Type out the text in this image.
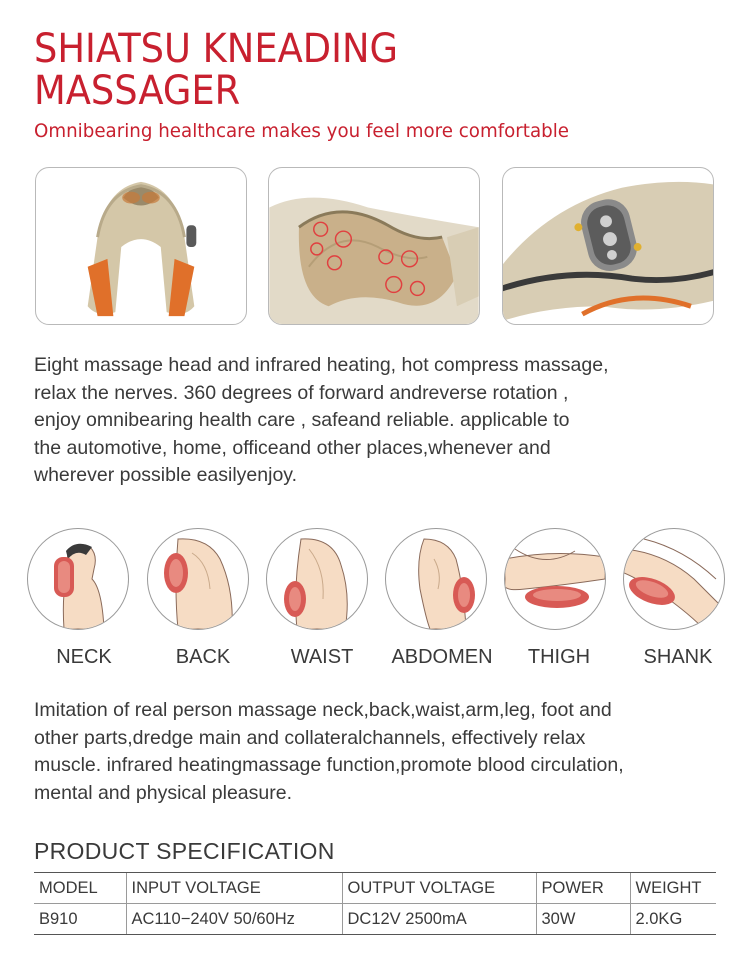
SHIATSU KNEADING
MASSAGER
Omnibearing healthcare makes you feel more comfortable
Eight massage head and infrared heating, hot compress massage,
relax the nerves. 360 degrees of forward andreverse rotation ,
enjoy omnibearing health care , safeand reliable. applicable to
the automotive, home, officeand other places,whenever and
wherever possible easilyenjoy.
NECK	BACK	WAIST	ABDOMEN	THIGH	SHANK
Imitation of real person massage neck,back,waist,arm,leg, foot and
other parts,dredge main and collateralchannels, effectively relax
muscle. infrared heatingmassage function,promote blood circulation,
mental and physical pleasure.
PRODUCT SPECIFICATION
MODEL	INPUT VOLTAGE	OUTPUT VOLTAGE	POWER	WEIGHT
B910	AC110−240V 50/60Hz	DC12V 2500mA	30W	2.0KG
